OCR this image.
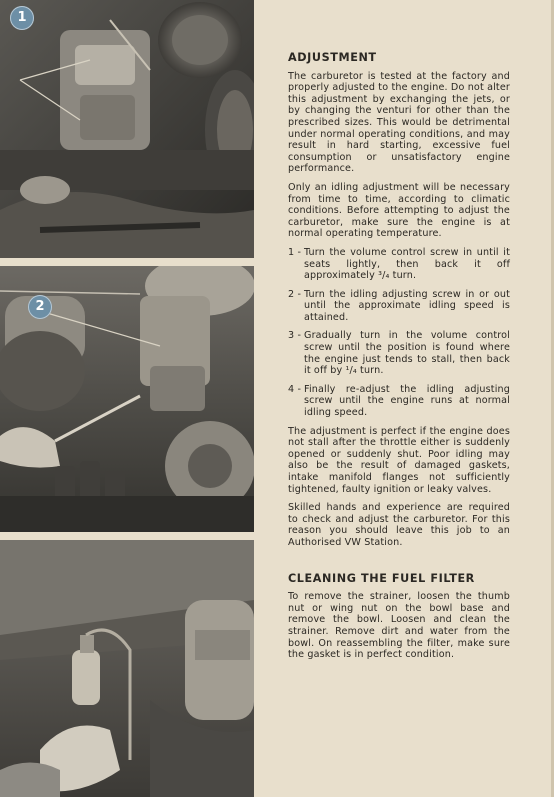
1
2
ADJUSTMENT
The carburetor is tested at the factory and properly adjusted to the engine. Do not alter this adjustment by exchanging the jets, or by changing the venturi for other than the prescribed sizes. This would be detrimental under normal operating conditions, and may result in hard starting, excessive fuel consumption or unsatisfactory engine performance.
Only an idling adjustment will be necessary from time to time, according to climatic conditions. Before attempting to adjust the carburetor, make sure the engine is at normal operating temperature.
1 - Turn the volume control screw in until it seats lightly, then back it off approximately ³/₄ turn.
2 - Turn the idling adjusting screw in or out until the approximate idling speed is attained.
3 - Gradually turn in the volume control screw until the position is found where the engine just tends to stall, then back it off by ¹/₄ turn.
4 - Finally re-adjust the idling adjusting screw until the engine runs at normal idling speed.
The adjustment is perfect if the engine does not stall after the throttle either is suddenly opened or suddenly shut. Poor idling may also be the result of damaged gaskets, intake manifold flanges not sufficiently tightened, faulty ignition or leaky valves.
Skilled hands and experience are required to check and adjust the carburetor. For this reason you should leave this job to an Authorised VW Station.
CLEANING THE FUEL FILTER
To remove the strainer, loosen the thumb nut or wing nut on the bowl base and remove the bowl. Loosen and clean the strainer. Remove dirt and water from the bowl. On reassembling the filter, make sure the gasket is in perfect condition.
